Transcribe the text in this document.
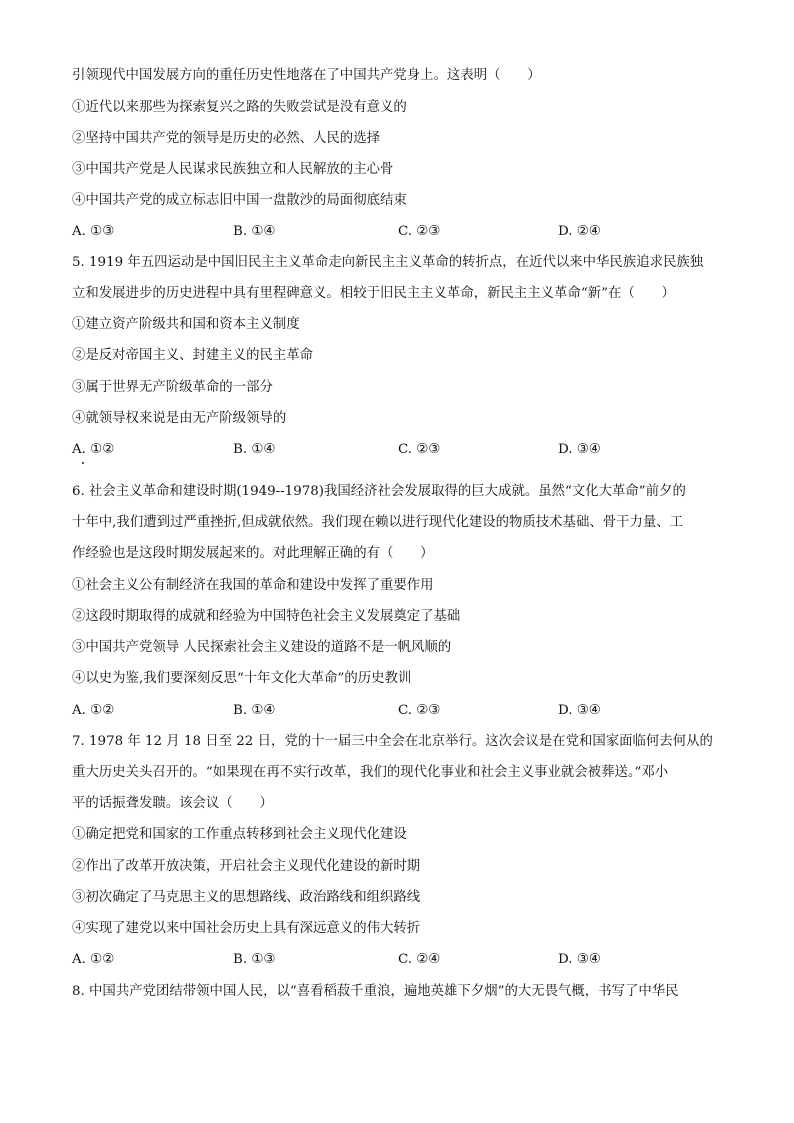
引领现代中国发展方向的重任历史性地落在了中国共产党身上。这表明（　　）
①近代以来那些为探索复兴之路的失败尝试是没有意义的
②坚持中国共产党的领导是历史的必然、人民的选择
③中国共产党是人民谋求民族独立和人民解放的主心骨
④中国共产党的成立标志旧中国一盘散沙的局面彻底结束
A. ①③	B. ①④	C. ②③	D. ②④
5. 1919 年五四运动是中国旧民主主义革命走向新民主主义革命的转折点，在近代以来中华民族追求民族独
立和发展进步的历史进程中具有里程碑意义。相较于旧民主主义革命，新民主主义革命“新”在（　　）
①建立资产阶级共和国和资本主义制度
②是反对帝国主义、封建主义的民主革命
③属于世界无产阶级革命的一部分
④就领导权来说是由无产阶级领导的
A. ①②	B. ①④	C. ②③	D. ③④
6. 社会主义革命和建设时期(1949--1978)我国经济社会发展取得的巨大成就。虽然“文化大革命”前夕的
十年中,我们遭到过严重挫折,但成就依然。我们现在赖以进行现代化建设的物质技术基础、骨干力量、工
作经验也是这段时期发展起来的。对此理解正确的有（　　）
①社会主义公有制经济在我国的革命和建设中发挥了重要作用
②这段时期取得的成就和经验为中国特色社会主义发展奠定了基础
③中国共产党领导 人民探索社会主义建设的道路不是一帆风顺的
④以史为鉴,我们要深刻反思“十年文化大革命”的历史教训
A. ①②	B. ①④	C. ②③	D. ③④
7. 1978 年 12 月 18 日至 22 日，党的十一届三中全会在北京举行。这次会议是在党和国家面临何去何从的
重大历史关头召开的。“如果现在再不实行改革，我们的现代化事业和社会主义事业就会被葬送。”邓小
平的话振聋发聩。该会议（　　）
①确定把党和国家的工作重点转移到社会主义现代化建设
②作出了改革开放决策，开启社会主义现代化建设的新时期
③初次确定了马克思主义的思想路线、政治路线和组织路线
④实现了建党以来中国社会历史上具有深远意义的伟大转折
A. ①②	B. ①③	C. ②④	D. ③④
8. 中国共产党团结带领中国人民，以“喜看稻菽千重浪，遍地英雄下夕烟”的大无畏气概，书写了中华民
